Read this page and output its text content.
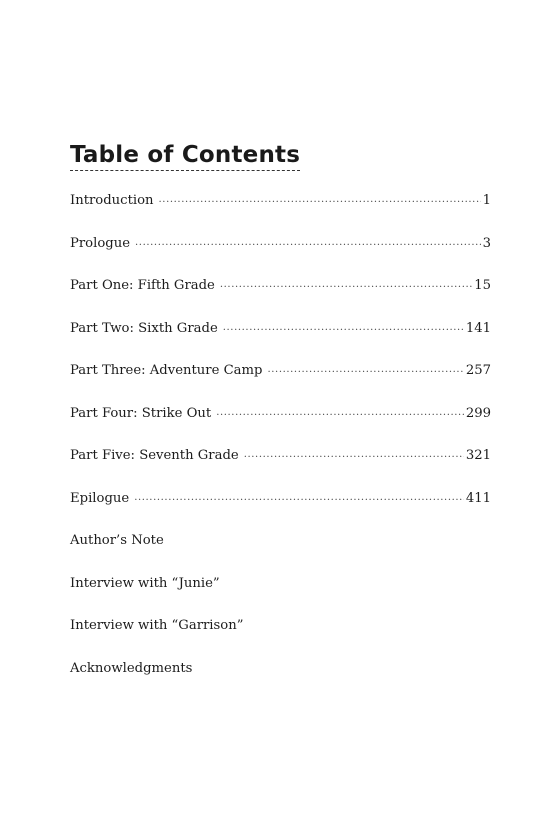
Table of Contents
Introduction .....	1
Prologue .....	3
Part One: Fifth Grade .....	15
Part Two: Sixth Grade .....	141
Part Three: Adventure Camp .....	257
Part Four: Strike Out .....	299
Part Five: Seventh Grade .....	321
Epilogue .....	411
Author’s Note
Interview with “Junie”
Interview with “Garrison”
Acknowledgments
